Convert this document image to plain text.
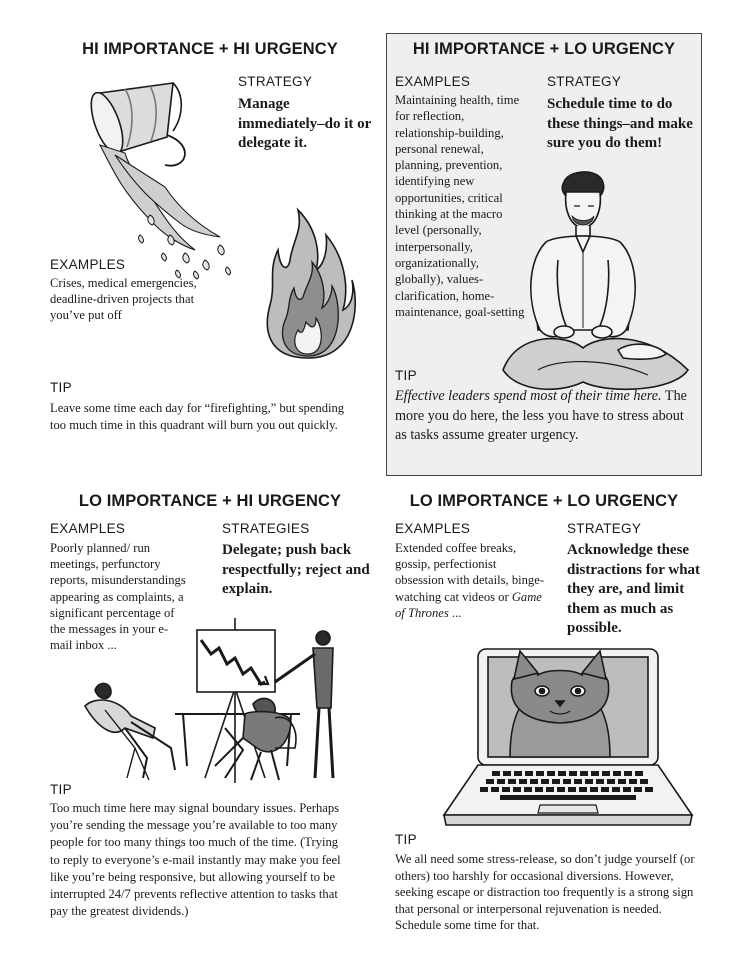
HI IMPORTANCE + HI URGENCY
STRATEGY
Manage immediately–do it or delegate it.
EXAMPLES
Crises, medical emergencies, deadline-driven projects that you’ve put off
TIP
Leave some time each day for “firefighting,” but spending too much time in this quadrant will burn you out quickly.
HI IMPORTANCE + LO URGENCY
EXAMPLES
Maintaining health, time for reflection, relationship-building, personal renewal, planning, prevention, identifying new opportunities, critical thinking at the macro level (personally, interpersonally, organizationally, globally), values-clarification, home-maintenance, goal-setting
STRATEGY
Schedule time to do these things–and make sure you do them!
TIP
Effective leaders spend most of their time here. The more you do here, the less you have to stress about as tasks assume greater urgency.
LO IMPORTANCE + HI URGENCY
EXAMPLES
Poorly planned/ run meetings, perfunctory reports, misunderstandings appearing as complaints, a significant percentage of the messages in your e-mail inbox ...
STRATEGIES
Delegate; push back respectfully; reject and explain.
TIP
Too much time here may signal boundary issues. Perhaps you’re sending the message you’re available to too many people for too many things too much of the time. (Trying to reply to everyone’s e-mail instantly may make you feel like you’re being responsive, but allowing yourself to be interrupted 24/7 prevents reflective attention to tasks that pay the greatest dividends.)
LO IMPORTANCE + LO URGENCY
EXAMPLES
Extended coffee breaks, gossip, perfectionist obsession with details, binge-watching cat videos or Game of Thrones ...
STRATEGY
Acknowledge these distractions for what they are, and limit them as much as possible.
TIP
We all need some stress-release, so don’t judge yourself (or others) too harshly for occasional diversions. However, seeking escape or distraction too frequently is a strong sign that personal or interpersonal rejuvenation is needed. Schedule some time for that.
